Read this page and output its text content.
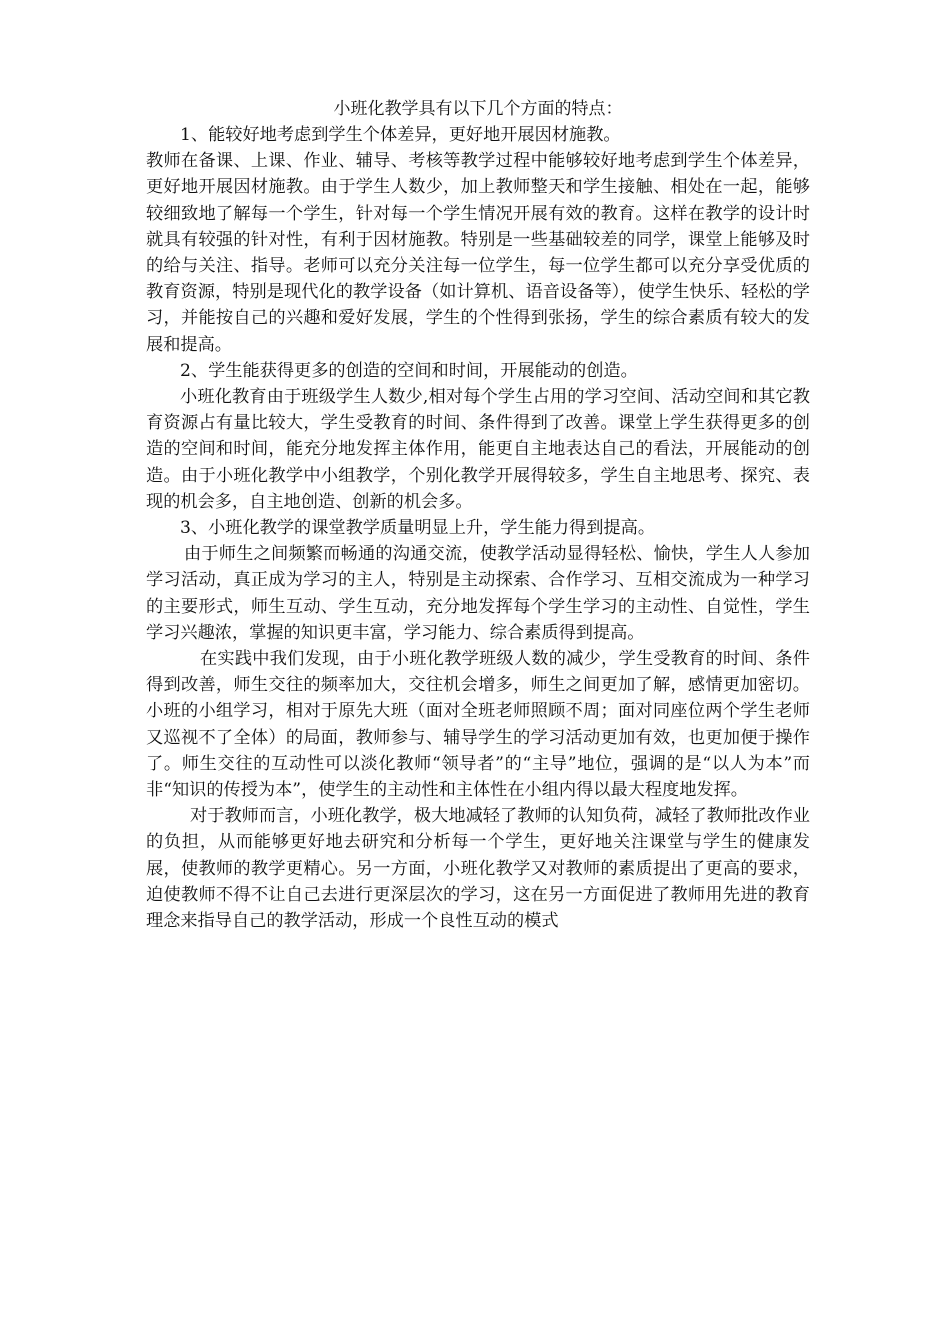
小班化教学具有以下几个方面的特点：

1、能较好地考虑到学生个体差异，更好地开展因材施教。

教师在备课、上课、作业、辅导、考核等教学过程中能够较好地考虑到学生个体差异，更好地开展因材施教。由于学生人数少，加上教师整天和学生接触、相处在一起，能够较细致地了解每一个学生，针对每一个学生情况开展有效的教育。这样在教学的设计时就具有较强的针对性，有利于因材施教。特别是一些基础较差的同学，课堂上能够及时的给与关注、指导。老师可以充分关注每一位学生，每一位学生都可以充分享受优质的教育资源，特别是现代化的教学设备（如计算机、语音设备等），使学生快乐、轻松的学习，并能按自己的兴趣和爱好发展，学生的个性得到张扬，学生的综合素质有较大的发展和提高。

2、学生能获得更多的创造的空间和时间，开展能动的创造。

小班化教育由于班级学生人数少,相对每个学生占用的学习空间、活动空间和其它教育资源占有量比较大，学生受教育的时间、条件得到了改善。课堂上学生获得更多的创造的空间和时间，能充分地发挥主体作用，能更自主地表达自己的看法，开展能动的创造。由于小班化教学中小组教学，个别化教学开展得较多，学生自主地思考、探究、表现的机会多，自主地创造、创新的机会多。

3、小班化教学的课堂教学质量明显上升，学生能力得到提高。

由于师生之间频繁而畅通的沟通交流，使教学活动显得轻松、愉快，学生人人参加学习活动，真正成为学习的主人，特别是主动探索、合作学习、互相交流成为一种学习的主要形式，师生互动、学生互动，充分地发挥每个学生学习的主动性、自觉性，学生学习兴趣浓，掌握的知识更丰富，学习能力、综合素质得到提高。

在实践中我们发现，由于小班化教学班级人数的减少，学生受教育的时间、条件得到改善，师生交往的频率加大，交往机会增多，师生之间更加了解，感情更加密切。小班的小组学习，相对于原先大班（面对全班老师照顾不周；面对同座位两个学生老师又巡视不了全体）的局面，教师参与、辅导学生的学习活动更加有效，也更加便于操作了。师生交往的互动性可以淡化教师“领导者”的“主导”地位，强调的是“以人为本”而非“知识的传授为本”，使学生的主动性和主体性在小组内得以最大程度地发挥。

对于教师而言，小班化教学，极大地减轻了教师的认知负荷，减轻了教师批改作业的负担，从而能够更好地去研究和分析每一个学生，更好地关注课堂与学生的健康发展，使教师的教学更精心。另一方面，小班化教学又对教师的素质提出了更高的要求，迫使教师不得不让自己去进行更深层次的学习，这在另一方面促进了教师用先进的教育理念来指导自己的教学活动，形成一个良性互动的模式
